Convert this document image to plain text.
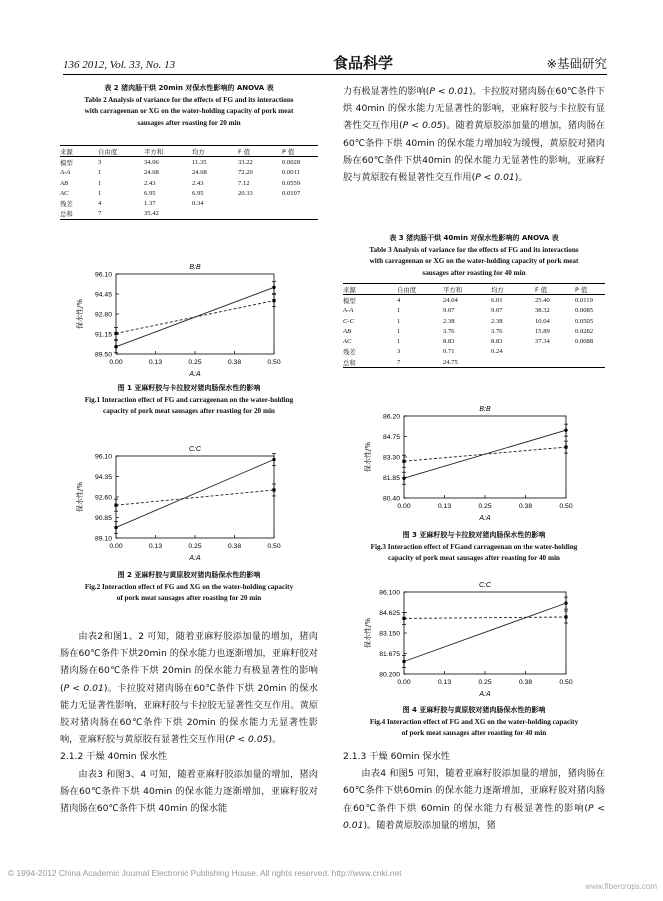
136 2012, Vol. 33, No. 13	食品科学	※基础研究
表 2 猪肉肠干烘 20min 对保水性影响的 ANOVA 表
Table 2 Analysis of variance for the effects of FG and its interactions
with carrageenan or XG on the water-holding capacity of pork meat
sausages after roasting for 20 min
来源	自由度	平方和	均方	F 值	P 值
模型	3	34.06	11.35	33.22	0.0028
A-A	1	24.68	24.68	72.20	0.0011
AB	1	2.43	2.43	7.12	0.0559
AC	1	6.95	6.95	20.33	0.0107
残差	4	1.37	0.34		
总和	7	35.42			
B:B
0.00	0.13	0.25	0.38	0.50
A:A
89.50
91.15
92.80
94.45
96.10
保水性/%
图 1 亚麻籽胶与卡拉胶对猪肉肠保水性的影响
Fig.1 Interaction effect of FG and carrageenan on the water-holding
capacity of pork meat sausages after roasting for 20 min
C:C
0.00	0.13	0.25	0.38	0.50
A:A
89.10
90.85
92.60
94.35
96.10
保水性/%
图 2 亚麻籽胶与黄原胶对猪肉肠保水性的影响
Fig.2 Interaction effect of FG and XG on the water-holding capacity
of pork meat sausages after roasting for 20 min
由表2和图1、2 可知，随着亚麻籽胶添加量的增加，猪肉肠在60℃条件下烘20min 的保水能力也逐渐增加，亚麻籽胶对猪肉肠在60℃条件下烘 20min 的保水能力有极显著性的影响(P < 0.01)。卡拉胶对猪肉肠在60℃条件下烘 20min 的保水能力无显著性影响，亚麻籽胶与卡拉胶无显著性交互作用。黄原胶对猪肉肠在60℃条件下烘 20min 的保水能力无显著性影响，亚麻籽胶与黄原胶有显著性交互作用(P < 0.05)。
2.1.2 干燥 40min 保水性
由表3 和图3、4 可知，随着亚麻籽胶添加量的增加，猪肉肠在60℃条件下烘 40min 的保水能力逐渐增加，亚麻籽胶对猪肉肠在60℃条件下烘 40min 的保水能
力有极显著性的影响(P < 0.01)。卡拉胶对猪肉肠在60℃条件下烘 40min 的保水能力无显著性的影响，亚麻籽胶与卡拉胶有显著性交互作用(P < 0.05)。随着黄原胶添加量的增加，猪肉肠在60℃条件下烘 40min 的保水能力增加较为缓慢，黄原胶对猪肉肠在60℃条件下烘40min 的保水能力无显著性的影响，亚麻籽胶与黄原胶有极显著性交互作用(P < 0.01)。
表 3 猪肉肠干烘 40min 对保水性影响的 ANOVA 表
Table 3 Analysis of variance for the effects of FG and its interactions
with carrageenan or XG on the water-holding capacity of pork meat
sausages after roasting for 40 min
来源	自由度	平方和	均方	F 值	P 值
模型	4	24.04	6.01	25.40	0.0119
A-A	1	9.07	9.07	38.32	0.0085
C-C	1	2.38	2.38	10.04	0.0505
AB	1	3.76	3.76	15.89	0.0282
AC	1	8.83	8.83	37.34	0.0088
残差	3	0.71	0.24		
总和	7	24.75			
B:B
0.00	0.13	0.25	0.38	0.50
A:A
80.40
81.85
83.30
84.75
86.20
保水性/%
图 3 亚麻籽胶与卡拉胶对猪肉肠保水性的影响
Fig.3 Interaction effect of FGand carrageenan on the water-holding
capacity of pork meat sausages after roasting for 40 min
C:C
0.00	0.13	0.25	0.38	0.50
A:A
80.200
81.675
83.150
84.625
86.100
保水性/%
图 4 亚麻籽胶与黄原胶对猪肉肠保水性的影响
Fig.4 Interaction effect of FG and XG on the water-holding capacity
of pork meat sausages after roasting for 40 min
2.1.3 干燥 60min 保水性
由表4 和图5 可知，随着亚麻籽胶添加量的增加，猪肉肠在60℃条件下烘60min 的保水能力逐渐增加，亚麻籽胶对猪肉肠在60℃条件下烘 60min 的保水能力有极显著性的影响(P < 0.01)。随着黄原胶添加量的增加，猪
© 1994-2012 China Academic Journal Electronic Publishing House. All rights reserved. http://www.cnki.net
www.fibercrops.com
